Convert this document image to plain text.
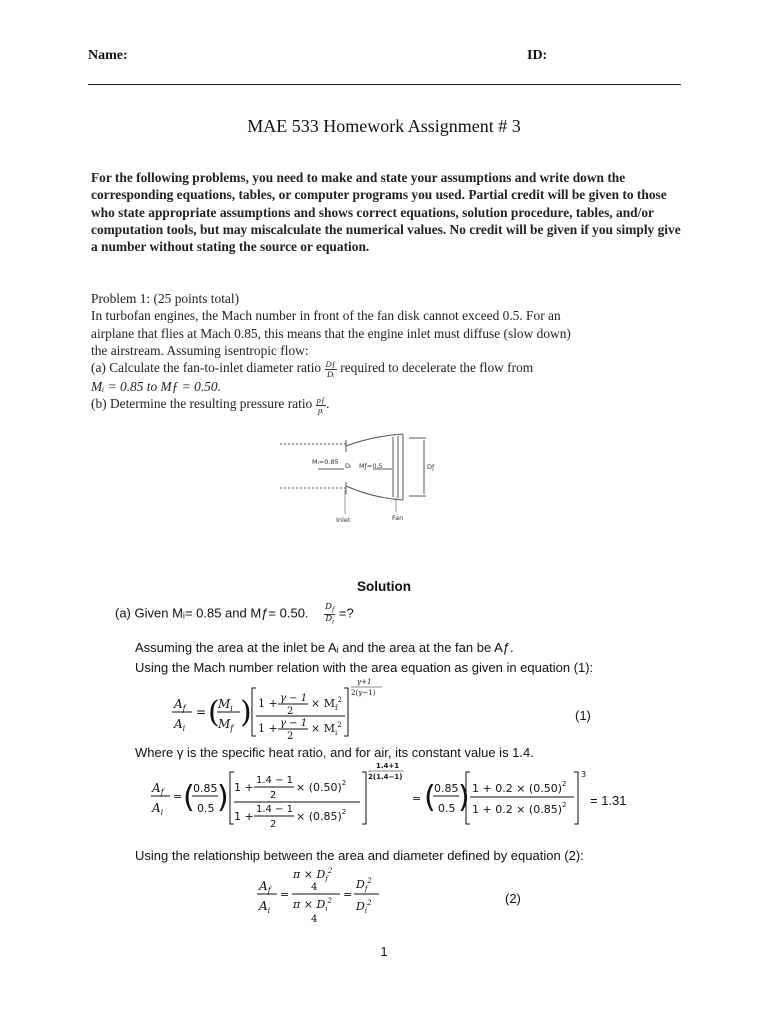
Name:	ID:
MAE 533 Homework Assignment # 3
For the following problems, you need to make and state your assumptions and write down the corresponding equations, tables, or computer programs you used. Partial credit will be given to those who state appropriate assumptions and shows correct equations, solution procedure, tables, and/or computation tools, but may miscalculate the numerical values. No credit will be given if you simply give a number without stating the source or equation.
Problem 1: (25 points total)
In turbofan engines, the Mach number in front of the fan disk cannot exceed 0.5. For an
airplane that flies at Mach 0.85, this means that the engine inlet must diffuse (slow down)
the airstream. Assuming isentropic flow:
(a) Calculate the fan-to-inlet diameter ratio $\frac{Dƒ}{\text{Dᵢ}}$ required to decelerate the flow from
Mᵢ = 0.85 to Mƒ = 0.50.
(b) Determine the resulting pressure ratio $\frac{pƒ}{\text{pᵢ}}$ .
Mᵢ=0.85 Dᵢ Mƒ=0.5	Dƒ
Inlet	Fan
Solution
(a) Given Mᵢ= 0.85 and Mƒ= 0.50. $\frac{D_f}{D_i}$ =?
Assuming the area at the inlet be Aᵢ and the area at the fan be Aƒ.
Using the Mach number relation with the area equation as given in equation (1):
$A_f$
$A_i$
= (
$M_i$
$M_f$ ) 1 + γ − 1
2
× $M_f^2$
1 + γ − 1
2
× $M_i^2$
γ+1
2(γ−1)
(1)
Where γ is the specific heat ratio, and for air, its constant value is 1.4.
$A_f$
$A_i$
= (
0.85
0.5 ) 1 +
1.4 − 1
2
× $(0.50)^2$
1 +
1.4 − 1
2
× $(0.85)^2$
1.4+1
2(1.4−1)
= (
0.85
0.5 ) $1 + 0.2 \times (0.50)^2$
$1 + 0.2 \times (0.85)^2$
3
= 1.31
Using the relationship between the area and diameter defined by equation (2):
$A_f$
$A_i$
=
$\pi \times D_f^2$
4
$\pi \times D_i^2$
4
=
$D_f^2$
$D_i^2$	(2)
1
